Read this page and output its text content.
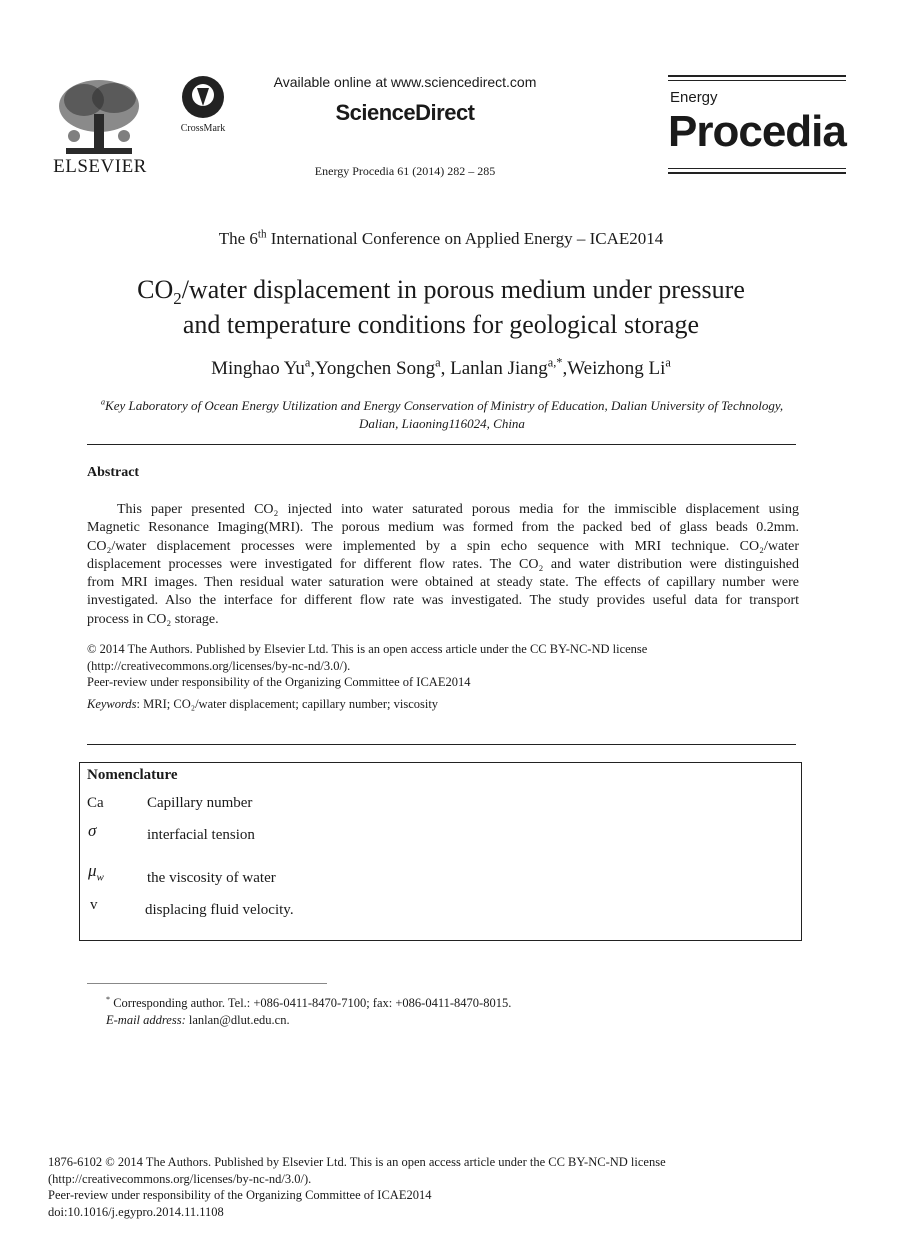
ELSEVIER
CrossMark
Available online at www.sciencedirect.com
ScienceDirect
Energy Procedia 61 (2014) 282 – 285
Energy
Procedia
The 6th International Conference on Applied Energy – ICAE2014
$CO_2$/water displacement in porous medium under pressure
and temperature conditions for geological storage
Minghao Yu$^a$,Yongchen Song$^a$, Lanlan Jiang$^{a,*}$,Weizhong Li$^a$
$^a$Key Laboratory of Ocean Energy Utilization and Energy Conservation of Ministry of Education, Dalian University of Technology,
Dalian, Liaoning116024, China
Abstract
This paper presented CO₂ injected into water saturated porous media for the immiscible displacement using
Magnetic Resonance Imaging(MRI). The porous medium was formed from the packed bed of glass beads 0.2mm.
CO₂/water displacement processes were implemented by a spin echo sequence with MRI technique. CO₂/water
displacement processes were investigated for different flow rates. The CO₂ and water distribution were distinguished
from MRI images. Then residual water saturation were obtained at steady state. The effects of capillary number were
investigated. Also the interface for different flow rate was investigated. The study provides useful data for transport
process in CO₂ storage.
© 2014 The Authors. Published by Elsevier Ltd. This is an open access article under the CC BY-NC-ND license
(http://creativecommons.org/licenses/by-nc-nd/3.0/).
Peer-review under responsibility of the Organizing Committee of ICAE2014
Keywords: MRI; CO₂/water displacement; capillary number; viscosity
Nomenclature
Ca	Capillary number
σ	interfacial tension
$\mu_w$	the viscosity of water
v	displacing fluid velocity.
* Corresponding author. Tel.: +086-0411-8470-7100; fax: +086-0411-8470-8015.
E-mail address: lanlan@dlut.edu.cn.
1876-6102 © 2014 The Authors. Published by Elsevier Ltd. This is an open access article under the CC BY-NC-ND license
(http://creativecommons.org/licenses/by-nc-nd/3.0/).
Peer-review under responsibility of the Organizing Committee of ICAE2014
doi:10.1016/j.egypro.2014.11.1108
